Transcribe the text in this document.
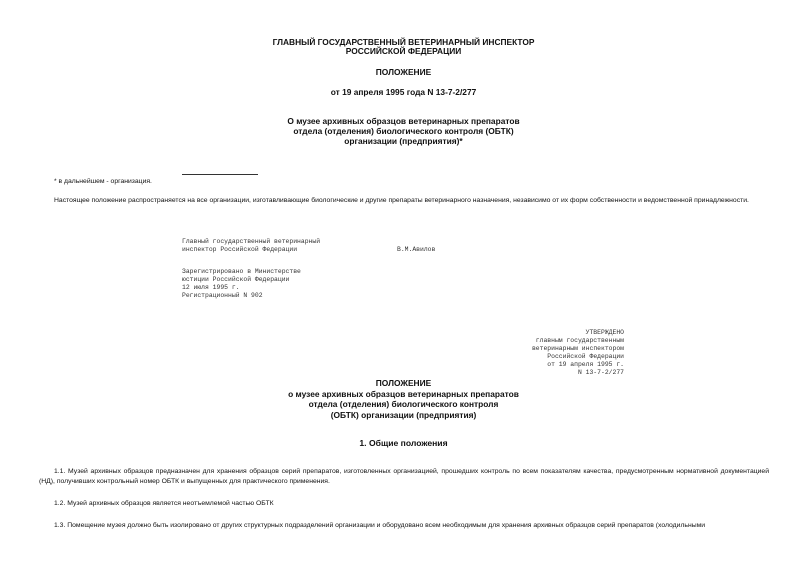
ГЛАВНЫЙ ГОСУДАРСТВЕННЫЙ ВЕТЕРИНАРНЫЙ ИНСПЕКТОР
РОССИЙСКОЙ ФЕДЕРАЦИИ
ПОЛОЖЕНИЕ
от 19 апреля 1995 года N 13-7-2/277
О музее архивных образцов ветеринарных препаратов
отдела (отделения) биологического контроля (ОБТК)
организации (предприятия)*
* в дальнейшем - организация.
Настоящее положение распространяется на все организации, изготавливающие биологические и другие препараты ветеринарного назначения, независимо от их форм собственности и ведомственной принадлежности.
Главный государственный ветеринарный
инспектор Российской Федерации	В.М.Авилов
Зарегистрировано в Министерстве
юстиции Российской Федерации
12 июля 1995 г.
Регистрационный N 902
УТВЕРЖДЕНО
главным государственным
ветеринарным инспектором
Российской Федерации
от 19 апреля 1995 г.
N 13-7-2/277
ПОЛОЖЕНИЕ
о музее архивных образцов ветеринарных препаратов
отдела (отделения) биологического контроля
(ОБТК) организации (предприятия)
1. Общие положения
1.1. Музей архивных образцов предназначен для хранения образцов серий препаратов, изготовленных организацией, прошедших контроль по всем показателям качества, предусмотренным нормативной документацией (НД), получивших контрольный номер ОБТК и выпущенных для практического применения.
1.2. Музей архивных образцов является неотъемлемой частью ОБТК
1.3. Помещение музея должно быть изолировано от других структурных подразделений организации и оборудовано всем необходимым для хранения архивных образцов серий препаратов (холодильными
